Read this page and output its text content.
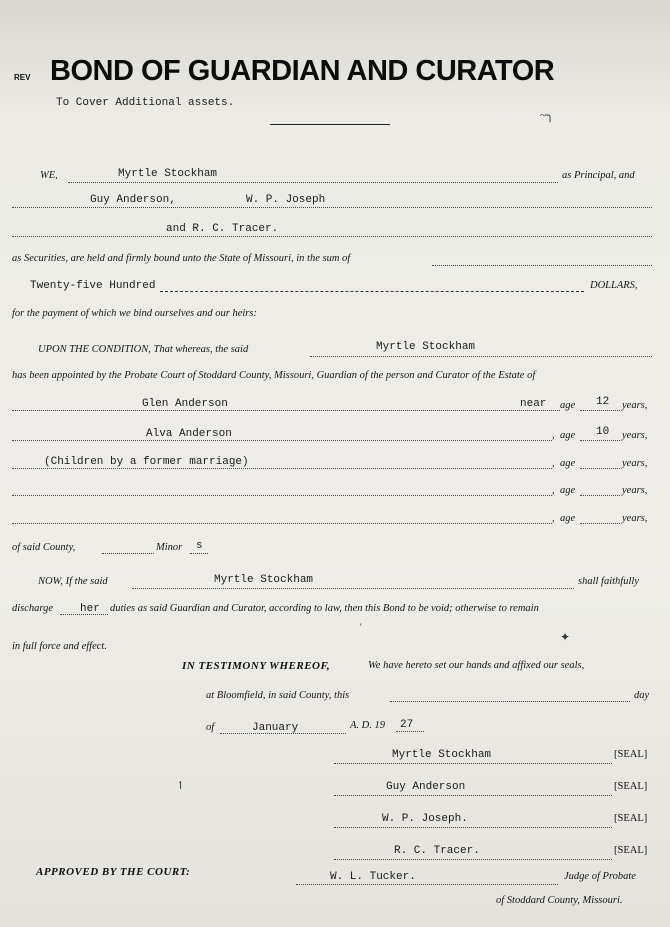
REV BOND OF GUARDIAN AND CURATOR
To Cover Additional assets.
~╮
WE,	Myrtle Stockham	as Principal, and
Guy Anderson,	W. P. Joseph
and R. C. Tracer.
as Securities, are held and firmly bound unto the State of Missouri, in the sum of
Twenty-five Hundred	DOLLARS,
for the payment of which we bind ourselves and our heirs:
UPON THE CONDITION, That whereas, the said	Myrtle Stockham
has been appointed by the Probate Court of Stoddard County, Missouri, Guardian of the person and Curator of the Estate of
Glen Anderson	near age 12 years,
Alva Anderson	, age 10 years,
(Children by a former marriage)	, age	years,
, age	years,
, age	years,
of said County,	Minor s
NOW, If the said	Myrtle Stockham	shall faithfully
discharge her duties as said Guardian and Curator, according to law, then this Bond to be void; otherwise to remain
in full force and effect.
'
✦
IN TESTIMONY WHEREOF,	We have hereto set our hands and affixed our seals,
at Bloomfield, in said County, this	day
of	January	A. D. 19 27
Myrtle Stockham	[SEAL]
↿	Guy Anderson	[SEAL]
W. P. Joseph.	[SEAL]
R. C. Tracer.	[SEAL]
APPROVED BY THE COURT:	W. L. Tucker.	Judge of Probate
of Stoddard County, Missouri.
